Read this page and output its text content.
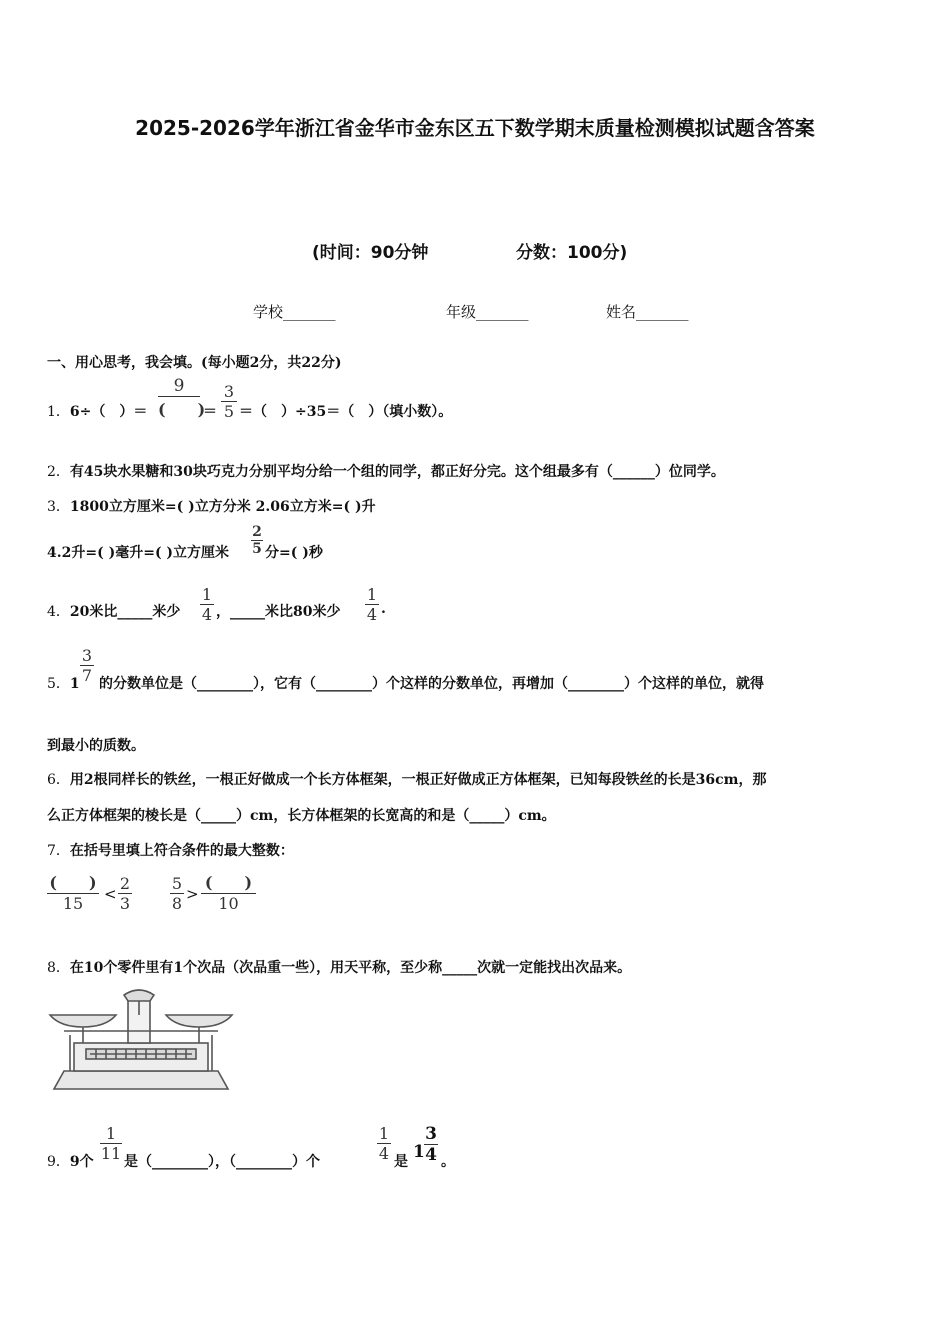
2025-2026学年浙江省金华市金东区五下数学期末质量检测模拟试题含答案
(时间：90分钟	分数：100分)
学校_______	年级_______	姓名_______
一、用心思考，我会填。(每小题2分，共22分)
1．6÷（　）＝
9
(　　)
＝ $\frac{3}{5}$ ＝（　）÷35＝（　）（填小数）。
2．有45块水果糖和30块巧克力分别平均分给一个组的同学，都正好分完。这个组最多有（______）位同学。
3．1800立方厘米=( )立方分米 2.06立方米=( )升
4.2升=( )毫升=( )立方厘米 $\frac{2}{5}$ 分=( )秒
4．20米比_____米少 $\frac{1}{4}$ ，_____米比80米少 $\frac{1}{4}$ .
5．$1 \frac{3}{7}$ 的分数单位是（________），它有（________）个这样的分数单位，再增加（________）个这样的单位，就得
到最小的质数。
6．用2根同样长的铁丝，一根正好做成一个长方体框架，一根正好做成正方体框架，已知每段铁丝的长是36cm，那
么正方体框架的棱长是（_____）cm，长方体框架的长宽高的和是（_____）cm。
7．在括号里填上符合条件的最大整数：
(　　)
15	< $\frac{2}{3} \frac{5}{8}$ >
(　　)
10
8．在10个零件里有1个次品（次品重一些），用天平称，至少称_____次就一定能找出次品来。
9．9个 $\frac{1}{11}$ 是（________），（________）个	$\frac{1}{4}$ 是 $1 \frac{3}{4}$ 。
